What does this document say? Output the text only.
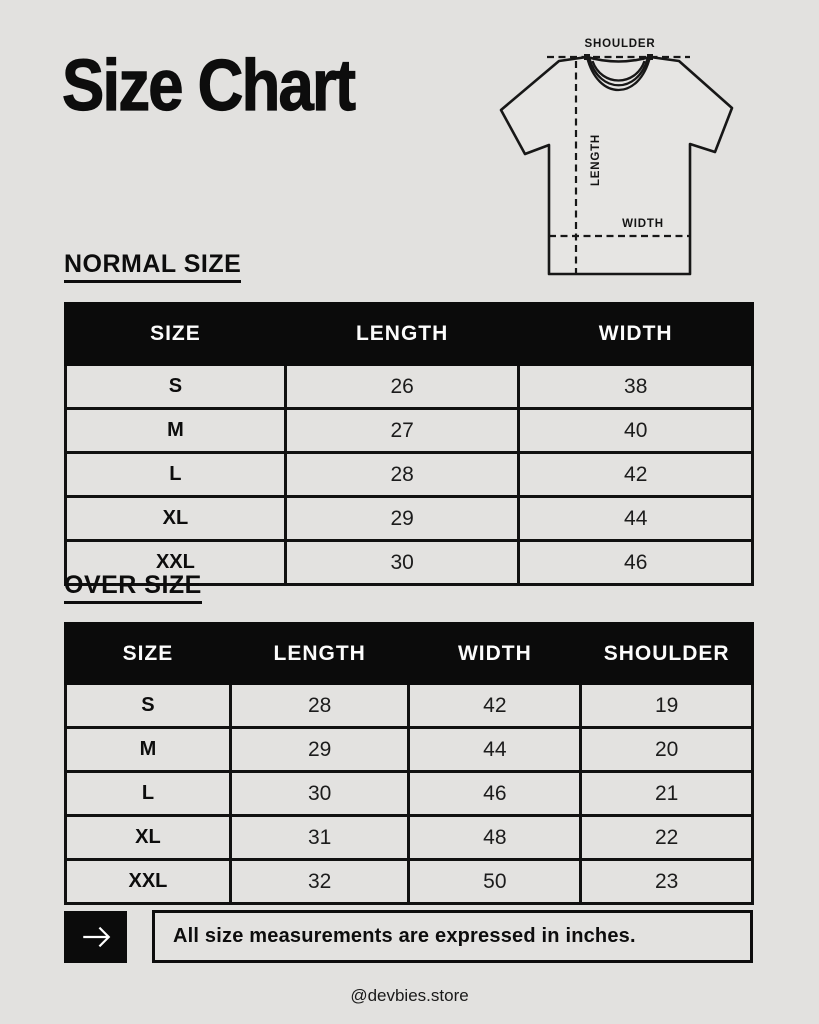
Size Chart
SHOULDER
LENGTH
WIDTH
NORMAL SIZE
SIZE	LENGTH	WIDTH
S	26	38
M	27	40
L	28	42
XL	29	44
XXL	30	46
OVER SIZE
SIZE	LENGTH	WIDTH	SHOULDER
S	28	42	19
M	29	44	20
L	30	46	21
XL	31	48	22
XXL	32	50	23
All size measurements are expressed in inches.
@devbies.store
